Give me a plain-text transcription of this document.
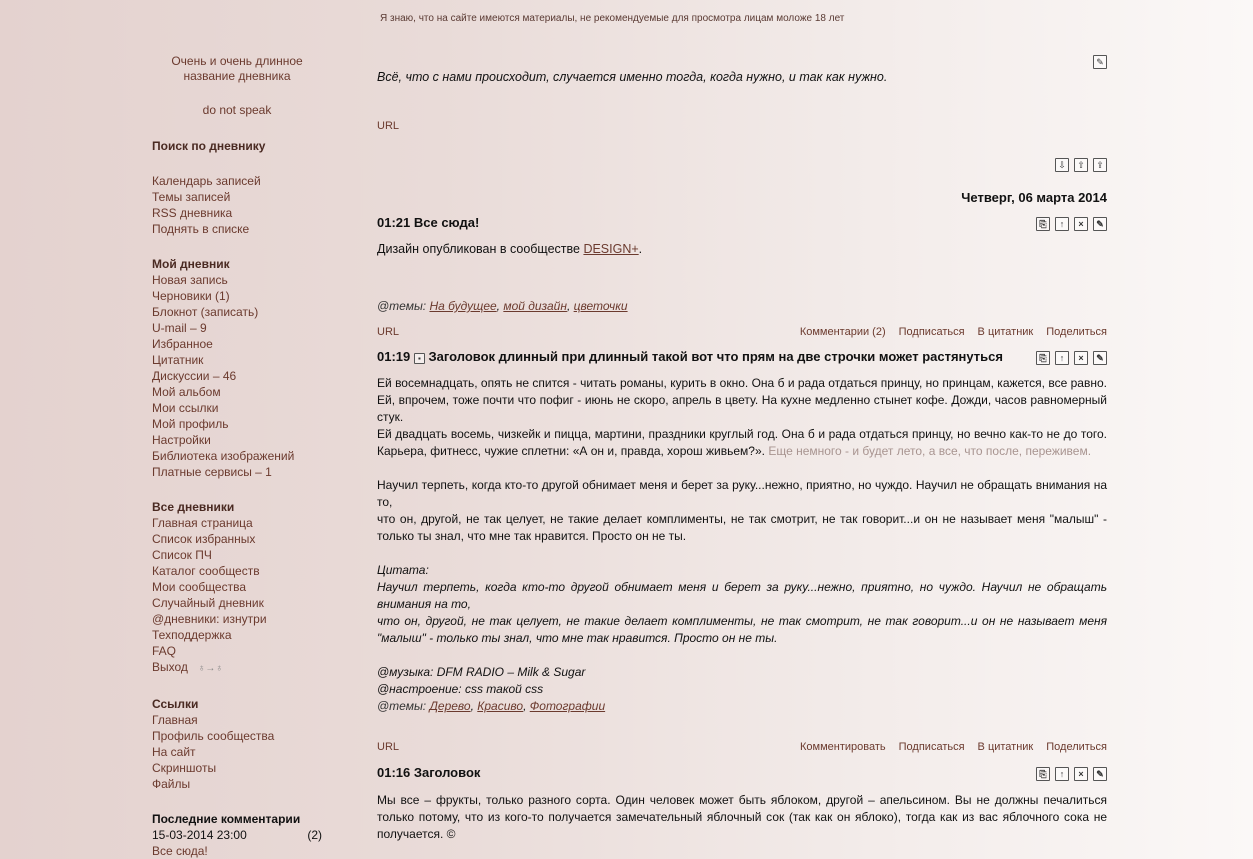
Я знаю, что на сайте имеются материалы, не рекомендуемые для просмотра лицам моложе 18 лет
Очень и очень длинное название дневника
do not speak
Поиск по дневнику
Календарь записей
Темы записей
RSS дневника
Поднять в списке
Мой дневник
Новая запись
Черновики (1)
Блокнот (записать)
U-mail – 9
Избранное
Цитатник
Дискуссии – 46
Мой альбом
Мои ссылки
Мой профиль
Настройки
Библиотека изображений
Платные сервисы – 1
Все дневники
Главная страница
Список избранных
Список ПЧ
Каталог сообществ
Мои сообщества
Случайный дневник
@дневники: изнутри
Техподдержка
FAQ
Выход ♁→♁
Ссылки
Главная
Профиль сообщества
На сайт
Скриншоты
Файлы
Последние комментарии
15-03-2014 23:00	(2)
Все сюда!
✎
Всё, что с нами происходит, случается именно тогда, когда нужно, и так как нужно.
URL
⇩ ⇧ ⇪
Четверг, 06 марта 2014
01:21 Все сюда!	⎘ ↑ × ✎
Дизайн опубликован в сообществе DESIGN+.
@темы: На будущее, мой дизайн, цветочки
URL	Комментарии (2) Подписаться В цитатник Поделиться
01:19 ▪ Заголовок длинный при длинный такой вот что прям на две строчки может растянуться	⎘ ↑ × ✎
Ей восемнадцать, опять не спится - читать романы, курить в окно. Она б и рада отдаться принцу, но принцам, кажется, все равно. Ей, впрочем, тоже почти что пофиг - июнь не скоро, апрель в цвету. На кухне медленно стынет кофе. Дожди, часов равномерный стук.
Ей двадцать восемь, чизкейк и пицца, мартини, праздники круглый год. Она б и рада отдаться принцу, но вечно как-то не до того. Карьера, фитнесс, чужие сплетни: «А он и, правда, хорош живьем?». Еще немного - и будет лето, а все, что после, переживем.
Научил терпеть, когда кто-то другой обнимает меня и берет за руку...нежно, приятно, но чуждо. Научил не обращать внимания на то,
что он, другой, не так целует, не такие делает комплименты, не так смотрит, не так говорит...и он не называет меня "малыш" - только ты знал, что мне так нравится. Просто он не ты.
Цитата:
Научил терпеть, когда кто-то другой обнимает меня и берет за руку...нежно, приятно, но чуждо. Научил не обращать внимания на то,
что он, другой, не так целует, не такие делает комплименты, не так смотрит, не так говорит...и он не называет меня "малыш" - только ты знал, что мне так нравится. Просто он не ты.
@музыка: DFM RADIO – Milk & Sugar
@настроение: css такой css
@темы: Дерево, Красиво, Фотографии
URL	Комментировать Подписаться В цитатник Поделиться
01:16 Заголовок	⎘ ↑ × ✎
Мы все – фрукты, только разного сорта. Один человек может быть яблоком, другой – апельсином. Вы не должны печалиться только потому, что из кого-то получается замечательный яблочный сок (так как он яблоко), тогда как из вас яблочного сока не получается. ©
